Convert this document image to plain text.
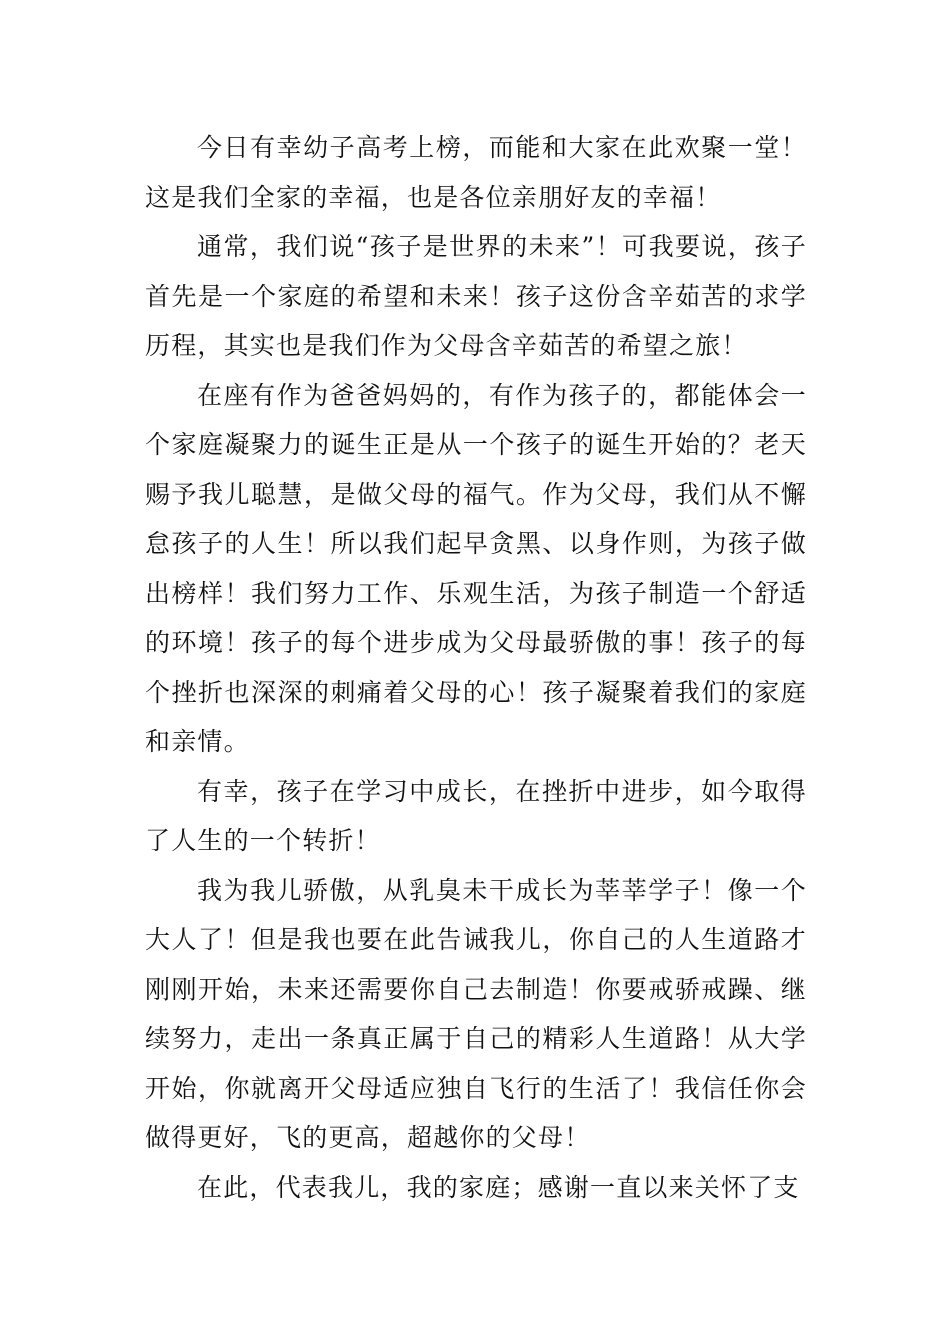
今日有幸幼子高考上榜，而能和大家在此欢聚一堂！这是我们全家的幸福，也是各位亲朋好友的幸福！

通常，我们说“孩子是世界的未来”！可我要说，孩子首先是一个家庭的希望和未来！孩子这份含辛茹苦的求学历程，其实也是我们作为父母含辛茹苦的希望之旅！

在座有作为爸爸妈妈的，有作为孩子的，都能体会一个家庭凝聚力的诞生正是从一个孩子的诞生开始的？老天赐予我儿聪慧，是做父母的福气。作为父母，我们从不懈怠孩子的人生！所以我们起早贪黑、以身作则，为孩子做出榜样！我们努力工作、乐观生活，为孩子制造一个舒适的环境！孩子的每个进步成为父母最骄傲的事！孩子的每个挫折也深深的刺痛着父母的心！孩子凝聚着我们的家庭和亲情。

有幸，孩子在学习中成长，在挫折中进步，如今取得了人生的一个转折！

我为我儿骄傲，从乳臭未干成长为莘莘学子！像一个大人了！但是我也要在此告诫我儿，你自己的人生道路才刚刚开始，未来还需要你自己去制造！你要戒骄戒躁、继续努力，走出一条真正属于自己的精彩人生道路！从大学开始，你就离开父母适应独自飞行的生活了！我信任你会做得更好，飞的更高，超越你的父母！

在此，代表我儿，我的家庭；感谢一直以来关怀了支
